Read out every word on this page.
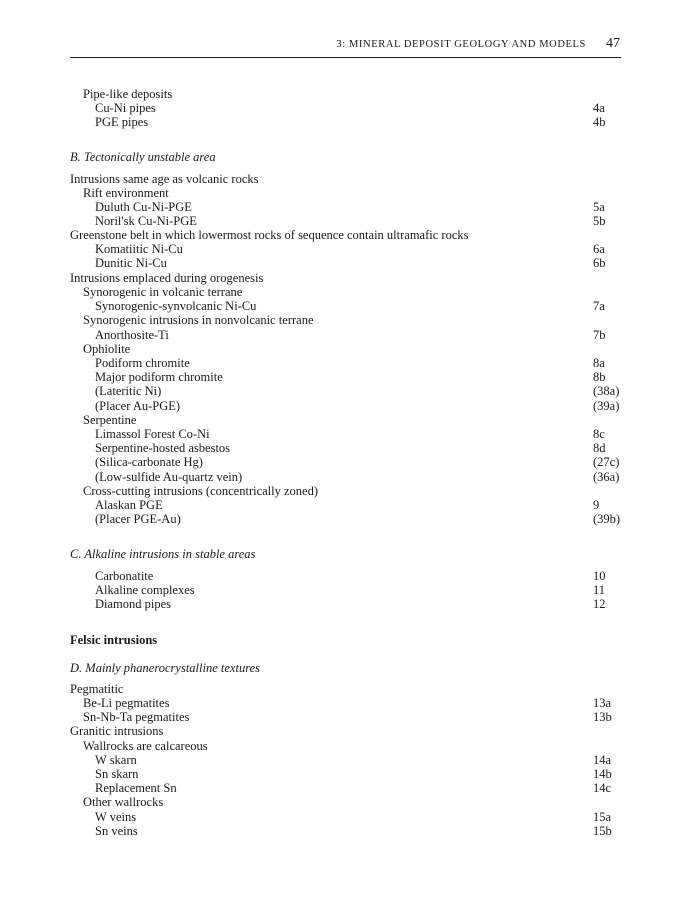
3: MINERAL DEPOSIT GEOLOGY AND MODELS 47
Pipe-like deposits
Cu-Ni pipes	4a
PGE pipes	4b
B. Tectonically unstable area
Intrusions same age as volcanic rocks
Rift environment
Duluth Cu-Ni-PGE	5a
Noril'sk Cu-Ni-PGE	5b
Greenstone belt in which lowermost rocks of sequence contain ultramafic rocks
Komatiitic Ni-Cu	6a
Dunitic Ni-Cu	6b
Intrusions emplaced during orogenesis
Synorogenic in volcanic terrane
Synorogenic-synvolcanic Ni-Cu	7a
Synorogenic intrusions in nonvolcanic terrane
Anorthosite-Ti	7b
Ophiolite
Podiform chromite	8a
Major podiform chromite	8b
(Lateritic Ni)	(38a)
(Placer Au-PGE)	(39a)
Serpentine
Limassol Forest Co-Ni	8c
Serpentine-hosted asbestos	8d
(Silica-carbonate Hg)	(27c)
(Low-sulfide Au-quartz vein)	(36a)
Cross-cutting intrusions (concentrically zoned)
Alaskan PGE	9
(Placer PGE-Au)	(39b)
C. Alkaline intrusions in stable areas
Carbonatite	10
Alkaline complexes	11
Diamond pipes	12
Felsic intrusions
D. Mainly phanerocrystalline textures
Pegmatitic
Be-Li pegmatites	13a
Sn-Nb-Ta pegmatites	13b
Granitic intrusions
Wallrocks are calcareous
W skarn	14a
Sn skarn	14b
Replacement Sn	14c
Other wallrocks
W veins	15a
Sn veins	15b
